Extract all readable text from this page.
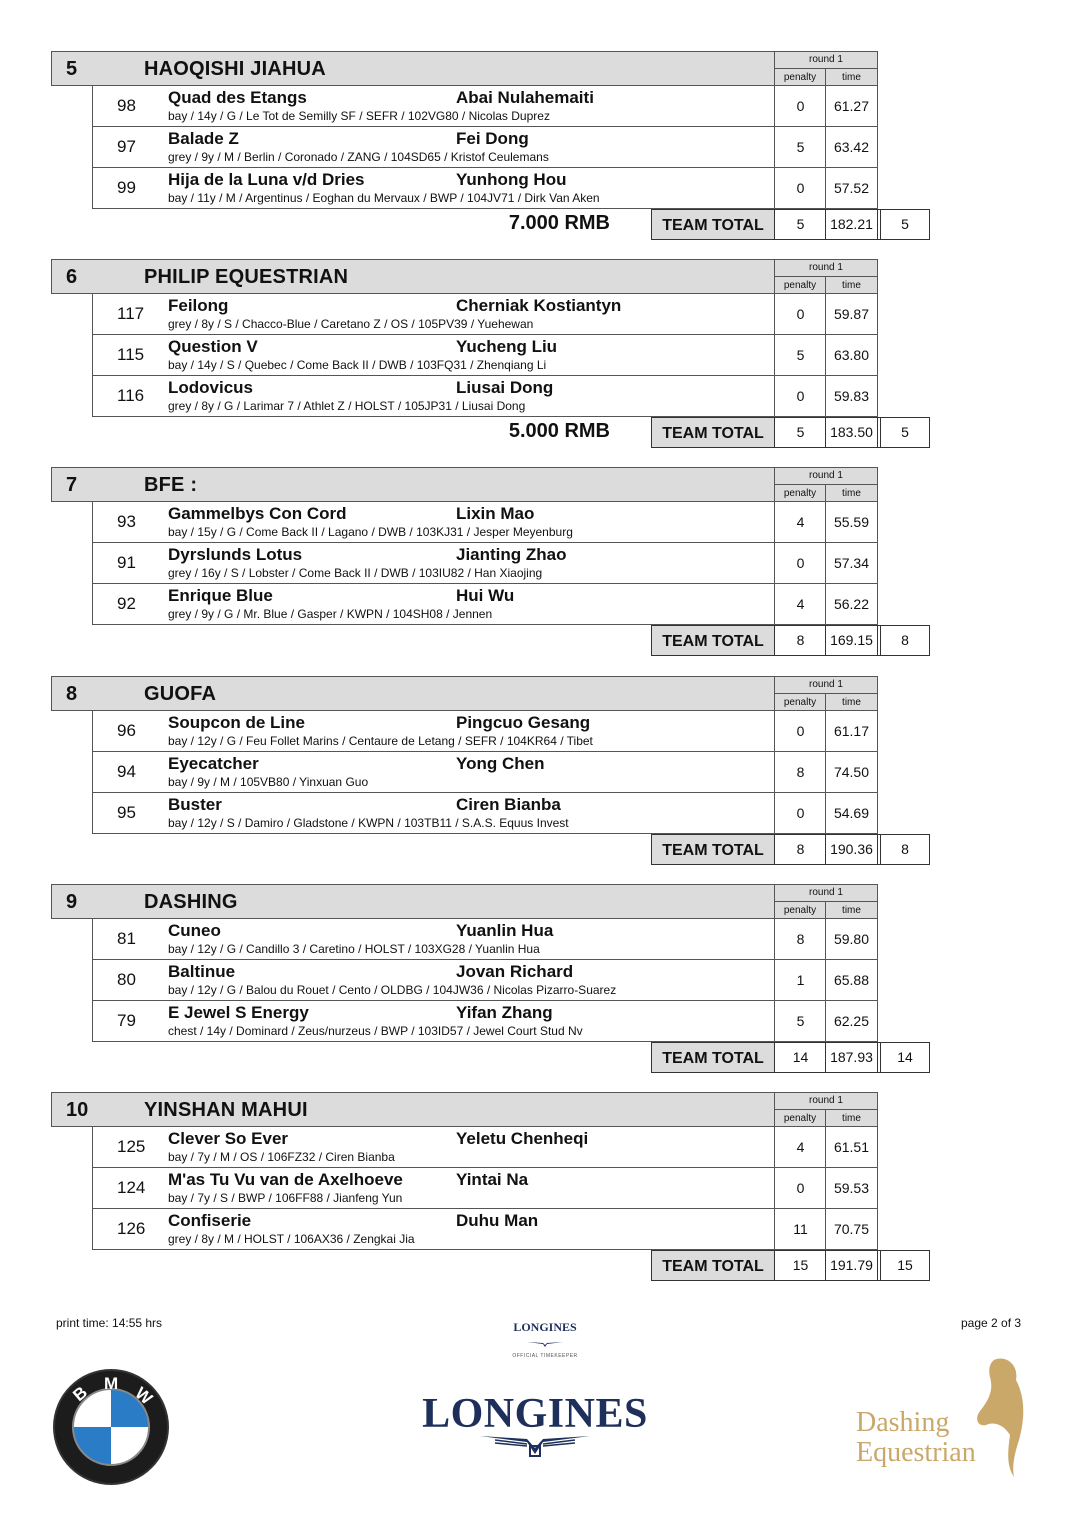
5	HAOQISHI JIAHUA	round 1
penalty	time
98 Quad des Etangs	Abai Nulahemaiti
bay / 14y / G / Le Tot de Semilly SF / SEFR / 102VG80 / Nicolas Duprez
0	61.27
97 Balade Z	Fei Dong
grey / 9y / M / Berlin / Coronado / ZANG / 104SD65 / Kristof Ceulemans
5	63.42
99 Hija de la Luna v/d Dries	Yunhong Hou
bay / 11y / M / Argentinus / Eoghan du Mervaux / BWP / 104JV71 / Dirk Van Aken
0	57.52
7.000 RMB	TEAM TOTAL	5	182.21	5
6	PHILIP EQUESTRIAN	round 1
penalty	time
117 Feilong	Cherniak Kostiantyn
grey / 8y / S / Chacco-Blue / Caretano Z / OS / 105PV39 / Yuehewan
0	59.87
115 Question V	Yucheng Liu
bay / 14y / S / Quebec / Come Back II / DWB / 103FQ31 / Zhenqiang Li
5	63.80
116 Lodovicus	Liusai Dong
grey / 8y / G / Larimar 7 / Athlet Z / HOLST / 105JP31 / Liusai Dong
0	59.83
5.000 RMB	TEAM TOTAL	5	183.50	5
7	BFE :	round 1
penalty	time
93 Gammelbys Con Cord	Lixin Mao
bay / 15y / G / Come Back II / Lagano / DWB / 103KJ31 / Jesper Meyenburg
4	55.59
91 Dyrslunds Lotus	Jianting Zhao
grey / 16y / S / Lobster / Come Back II / DWB / 103IU82 / Han Xiaojing
0	57.34
92 Enrique Blue	Hui Wu
grey / 9y / G / Mr. Blue / Gasper / KWPN / 104SH08 / Jennen
4	56.22
TEAM TOTAL	8	169.15	8
8	GUOFA	round 1
penalty	time
96 Soupcon de Line	Pingcuo Gesang
bay / 12y / G / Feu Follet Marins / Centaure de Letang / SEFR / 104KR64 / Tibet
0	61.17
94 Eyecatcher	Yong Chen
bay / 9y / M / 105VB80 / Yinxuan Guo
8	74.50
95 Buster	Ciren Bianba
bay / 12y / S / Damiro / Gladstone / KWPN / 103TB11 / S.A.S. Equus Invest
0	54.69
TEAM TOTAL	8	190.36	8
9	DASHING	round 1
penalty	time
81 Cuneo	Yuanlin Hua
bay / 12y / G / Candillo 3 / Caretino / HOLST / 103XG28 / Yuanlin Hua
8	59.80
80 Baltinue	Jovan Richard
bay / 12y / G / Balou du Rouet / Cento / OLDBG / 104JW36 / Nicolas Pizarro-Suarez
1	65.88
79 E Jewel S Energy	Yifan Zhang
chest / 14y / Dominard / Zeus/nurzeus / BWP / 103ID57 / Jewel Court Stud Nv
5	62.25
TEAM TOTAL	14	187.93	14
10	YINSHAN MAHUI	round 1
penalty	time
125 Clever So Ever	Yeletu Chenheqi
bay / 7y / M / OS / 106FZ32 / Ciren Bianba
4	61.51
124 M'as Tu Vu van de Axelhoeve	Yintai Na
bay / 7y / S / BWP / 106FF88 / Jianfeng Yun
0	59.53
126 Confiserie	Duhu Man
grey / 8y / M / HOLST / 106AX36 / Zengkai Jia
11	70.75
TEAM TOTAL	15	191.79	15
print time: 14:55 hrs	page 2 of 3
LONGINES
OFFICIAL TIMEKEEPER
B M
W	LONGINES	Dashing
Equestrian
